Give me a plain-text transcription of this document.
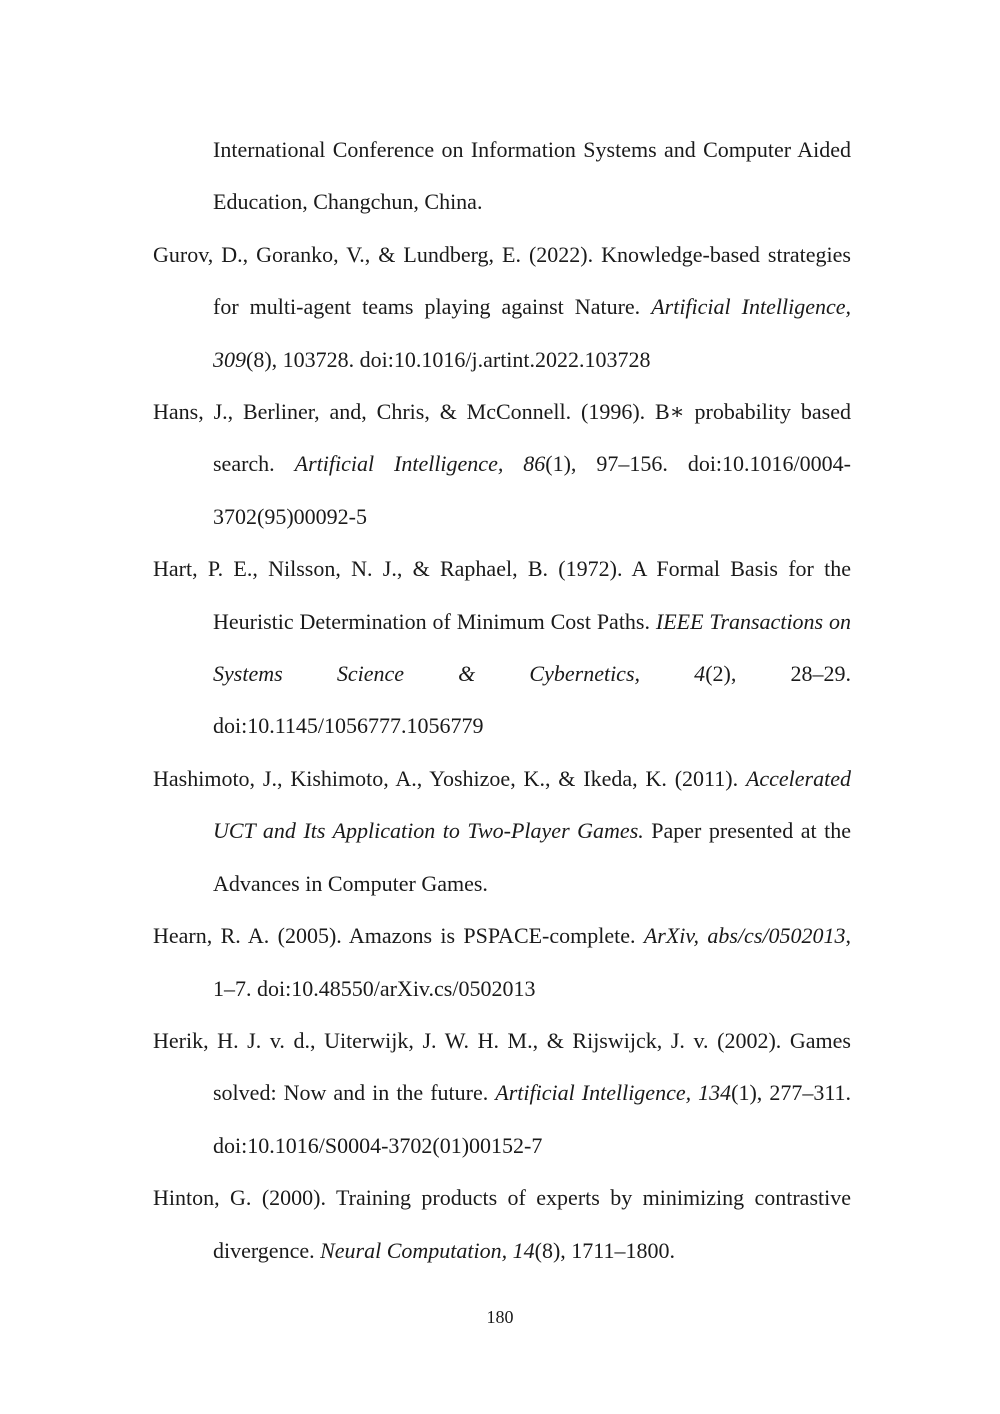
International Conference on Information Systems and Computer Aided Education, Changchun, China.

Gurov, D., Goranko, V., & Lundberg, E. (2022). Knowledge-based strategies for multi-agent teams playing against Nature. Artificial Intelligence, 309(8), 103728. doi:10.1016/j.artint.2022.103728

Hans, J., Berliner, and, Chris, & McConnell. (1996). B∗ probability based search. Artificial Intelligence, 86(1), 97–156. doi:10.1016/0004-3702(95)00092-5

Hart, P. E., Nilsson, N. J., & Raphael, B. (1972). A Formal Basis for the Heuristic Determination of Minimum Cost Paths. IEEE Transactions on Systems Science & Cybernetics, 4(2), 28–29. doi:10.1145/1056777.1056779

Hashimoto, J., Kishimoto, A., Yoshizoe, K., & Ikeda, K. (2011). Accelerated UCT and Its Application to Two-Player Games. Paper presented at the Advances in Computer Games.

Hearn, R. A. (2005). Amazons is PSPACE-complete. ArXiv, abs/cs/0502013, 1–7. doi:10.48550/arXiv.cs/0502013

Herik, H. J. v. d., Uiterwijk, J. W. H. M., & Rijswijck, J. v. (2002). Games solved: Now and in the future. Artificial Intelligence, 134(1), 277–311. doi:10.1016/S0004-3702(01)00152-7

Hinton, G. (2000). Training products of experts by minimizing contrastive divergence. Neural Computation, 14(8), 1711–1800.

180
